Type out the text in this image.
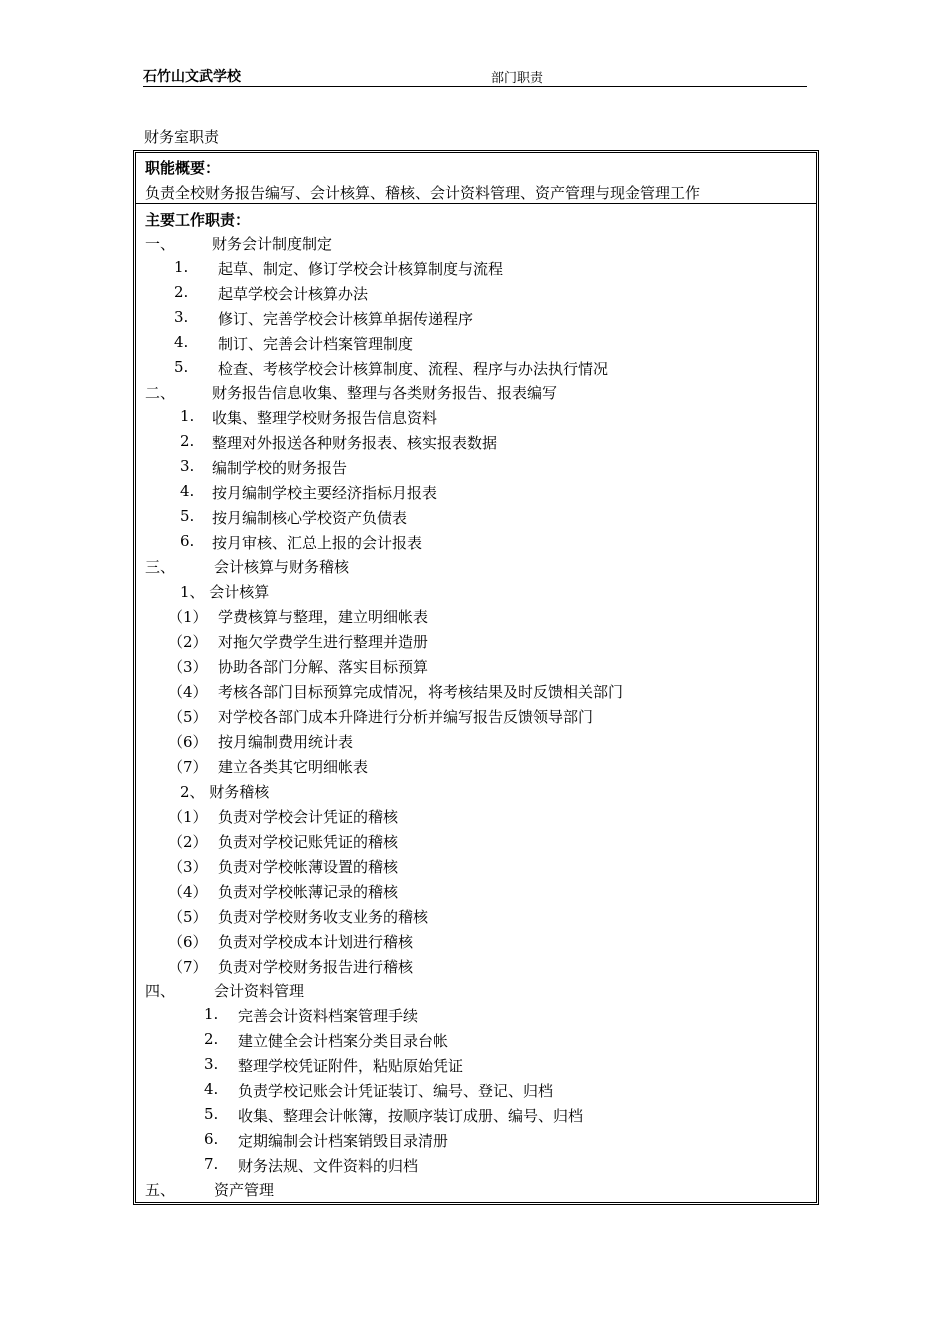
石竹山文武学校	部门职责
财务室职责
职能概要：
负责全校财务报告编写、会计核算、稽核、会计资料管理、资产管理与现金管理工作
主要工作职责：
一、 财务会计制度制定
1. 起草、制定、修订学校会计核算制度与流程
2. 起草学校会计核算办法
3. 修订、完善学校会计核算单据传递程序
4. 制订、完善会计档案管理制度
5. 检查、考核学校会计核算制度、流程、程序与办法执行情况
二、 财务报告信息收集、整理与各类财务报告、报表编写
1. 收集、整理学校财务报告信息资料
2. 整理对外报送各种财务报表、核实报表数据
3. 编制学校的财务报告
4. 按月编制学校主要经济指标月报表
5. 按月编制核心学校资产负债表
6. 按月审核、汇总上报的会计报表
三、	会计核算与财务稽核
1、 会计核算
（1） 学费核算与整理，建立明细帐表
（2） 对拖欠学费学生进行整理并造册
（3） 协助各部门分解、落实目标预算
（4） 考核各部门目标预算完成情况，将考核结果及时反馈相关部门
（5） 对学校各部门成本升降进行分析并编写报告反馈领导部门
（6） 按月编制费用统计表
（7） 建立各类其它明细帐表
2、 财务稽核
（1） 负责对学校会计凭证的稽核
（2） 负责对学校记账凭证的稽核
（3） 负责对学校帐薄设置的稽核
（4） 负责对学校帐薄记录的稽核
（5） 负责对学校财务收支业务的稽核
（6） 负责对学校成本计划进行稽核
（7） 负责对学校财务报告进行稽核
四、	会计资料管理
1. 完善会计资料档案管理手续
2. 建立健全会计档案分类目录台帐
3. 整理学校凭证附件，粘贴原始凭证
4. 负责学校记账会计凭证装订、编号、登记、归档
5. 收集、整理会计帐簿，按顺序装订成册、编号、归档
6. 定期编制会计档案销毁目录清册
7. 财务法规、文件资料的归档
五、	资产管理
